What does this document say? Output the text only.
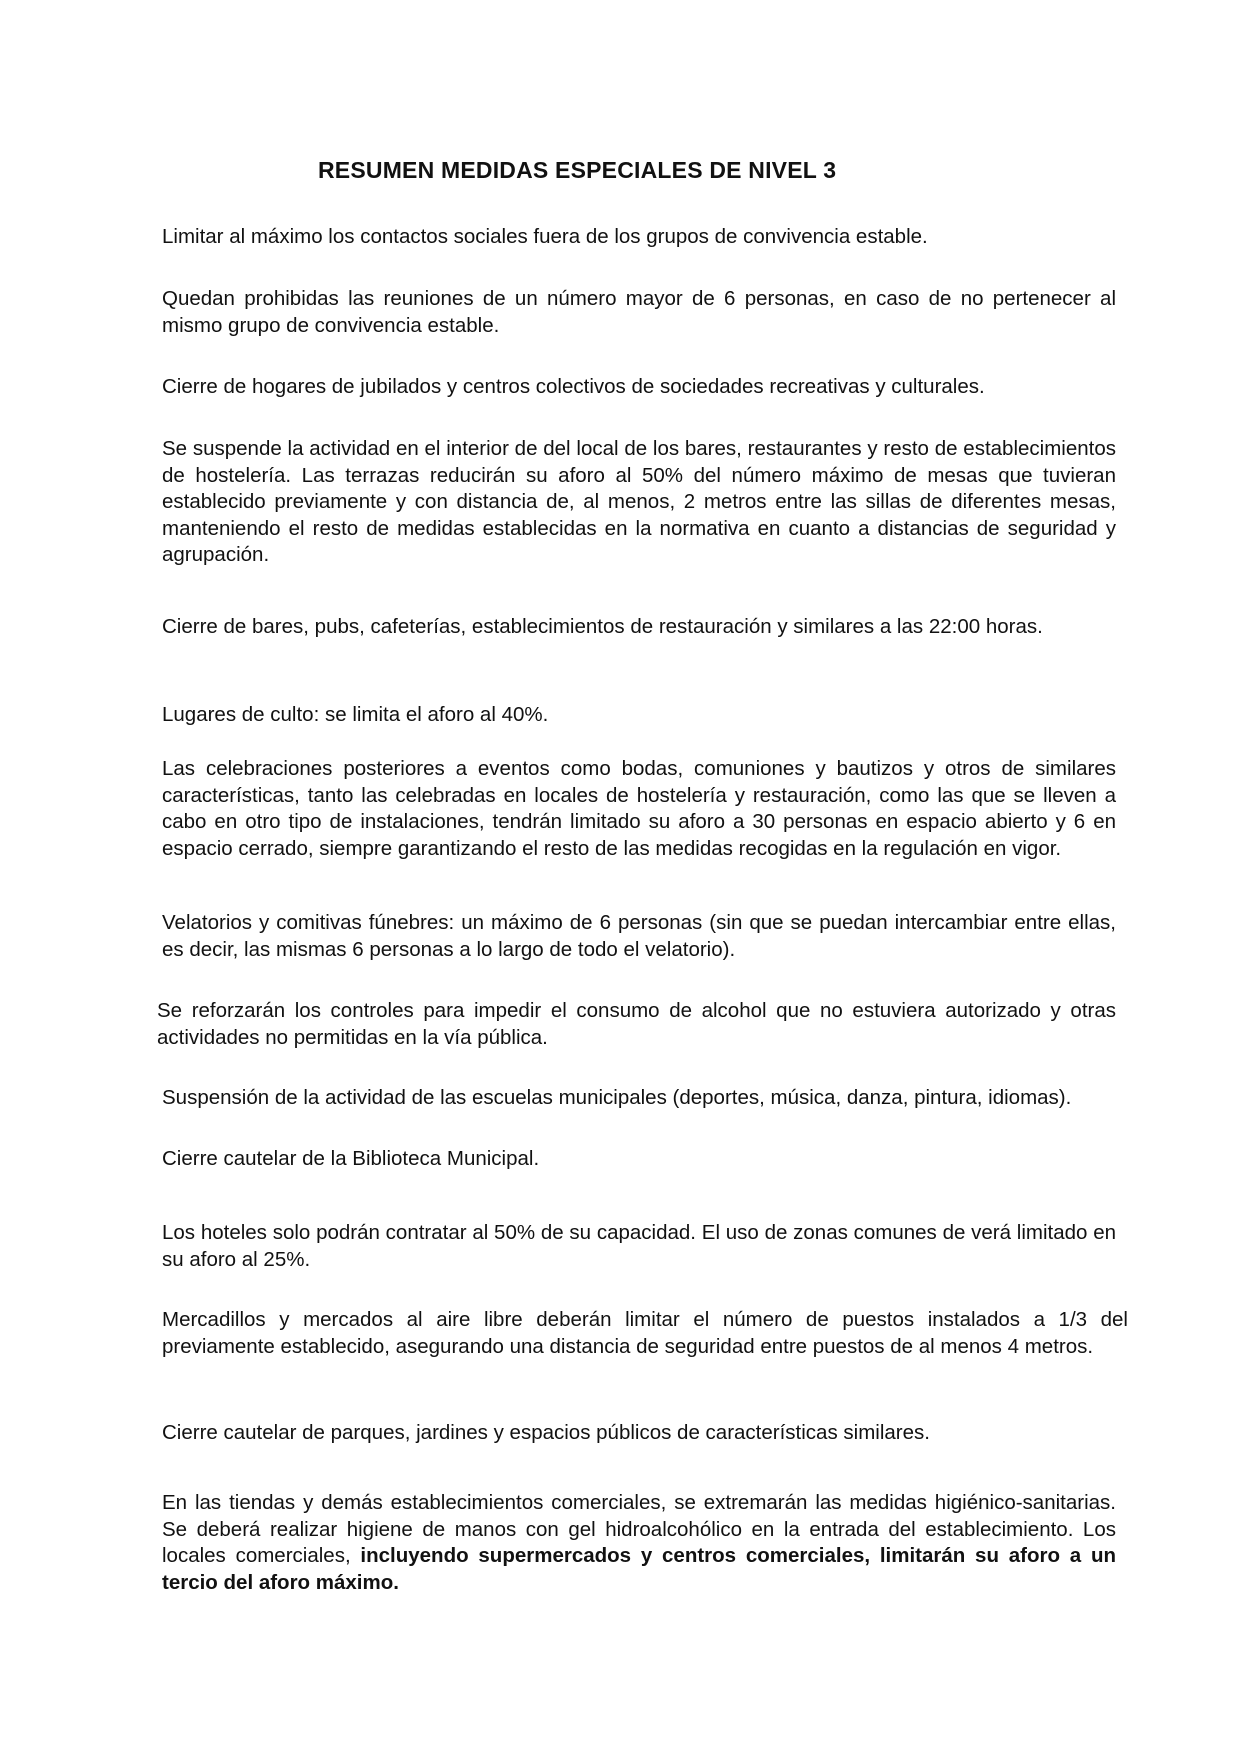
RESUMEN MEDIDAS ESPECIALES DE NIVEL 3

Limitar al máximo los contactos sociales fuera de los grupos de convivencia estable.

Quedan prohibidas las reuniones de un número mayor de 6 personas, en caso de no pertenecer al mismo grupo de convivencia estable.

Cierre de hogares de jubilados y centros colectivos de sociedades recreativas y culturales.

Se suspende la actividad en el interior de del local de los bares, restaurantes y resto de establecimientos de hostelería. Las terrazas reducirán su aforo al 50% del número máximo de mesas que tuvieran establecido previamente y con distancia de, al menos, 2 metros entre las sillas de diferentes mesas, manteniendo el resto de medidas establecidas en la normativa en cuanto a distancias de seguridad y agrupación.

Cierre de bares, pubs, cafeterías, establecimientos de restauración y similares a las 22:00 horas.

Lugares de culto: se limita el aforo al 40%.

Las celebraciones posteriores a eventos como bodas, comuniones y bautizos y otros de similares características, tanto las celebradas en locales de hostelería y restauración, como las que se lleven a cabo en otro tipo de instalaciones, tendrán limitado su aforo a 30 personas en espacio abierto y 6 en espacio cerrado, siempre garantizando el resto de las medidas recogidas en la regulación en vigor.

Velatorios y comitivas fúnebres: un máximo de 6 personas (sin que se puedan intercambiar entre ellas, es decir, las mismas 6 personas a lo largo de todo el velatorio).

Se reforzarán los controles para impedir el consumo de alcohol que no estuviera autorizado y otras actividades no permitidas en la vía pública.

Suspensión de la actividad de las escuelas municipales (deportes, música, danza, pintura, idiomas).

Cierre cautelar de la Biblioteca Municipal.

Los hoteles solo podrán contratar al 50% de su capacidad. El uso de zonas comunes de verá limitado en su aforo al 25%.

Mercadillos y mercados al aire libre deberán limitar el número de puestos instalados a 1/3 del previamente establecido, asegurando una distancia de seguridad entre puestos de al menos 4 metros.

Cierre cautelar de parques, jardines y espacios públicos de características similares.

En las tiendas y demás establecimientos comerciales, se extremarán las medidas higiénico-sanitarias. Se deberá realizar higiene de manos con gel hidroalcohólico en la entrada del establecimiento. Los locales comerciales, incluyendo supermercados y centros comerciales, limitarán su aforo a un tercio del aforo máximo.
